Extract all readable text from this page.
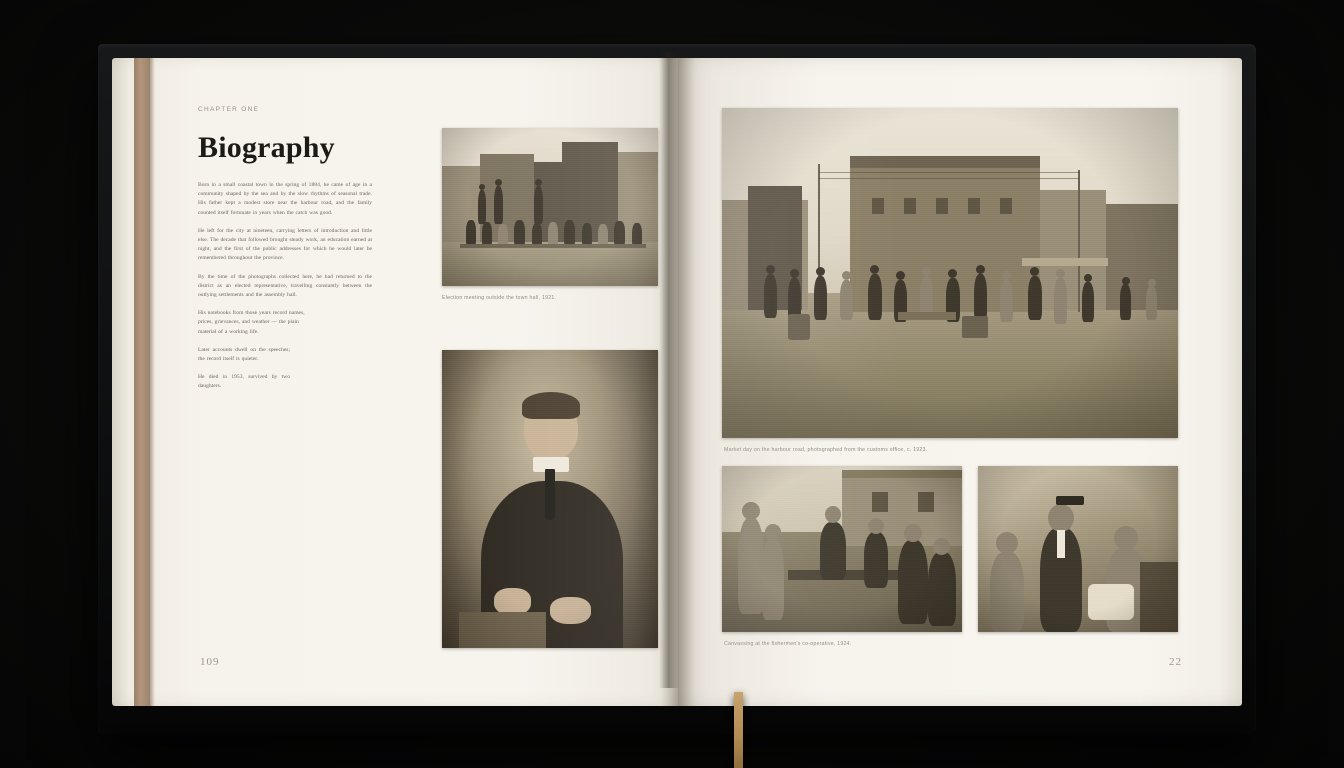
CHAPTER ONE
Biography

Born in a small coastal town in the spring of 1884, he came of age in a community shaped by the sea and by the slow rhythms of seasonal trade. His father kept a modest store near the harbour road, and the family counted itself fortunate in years when the catch was good.

He left for the city at nineteen, carrying letters of introduction and little else. The decade that followed brought steady work, an education earned at night, and the first of the public addresses for which he would later be remembered throughout the province.

By the time of the photographs collected here, he had returned to the district as an elected representative, travelling constantly between the outlying settlements and the assembly hall.

His notebooks from those years record names, prices, grievances, and weather — the plain material of a working life.

Later accounts dwell on the speeches; the record itself is quieter.

He died in 1953, survived by two daughters.

Election meeting outside the town hall, 1921.
109
Market day on the harbour road, photographed from the customs office, c. 1923.
Canvassing at the fishermen's co-operative, 1924.
22
